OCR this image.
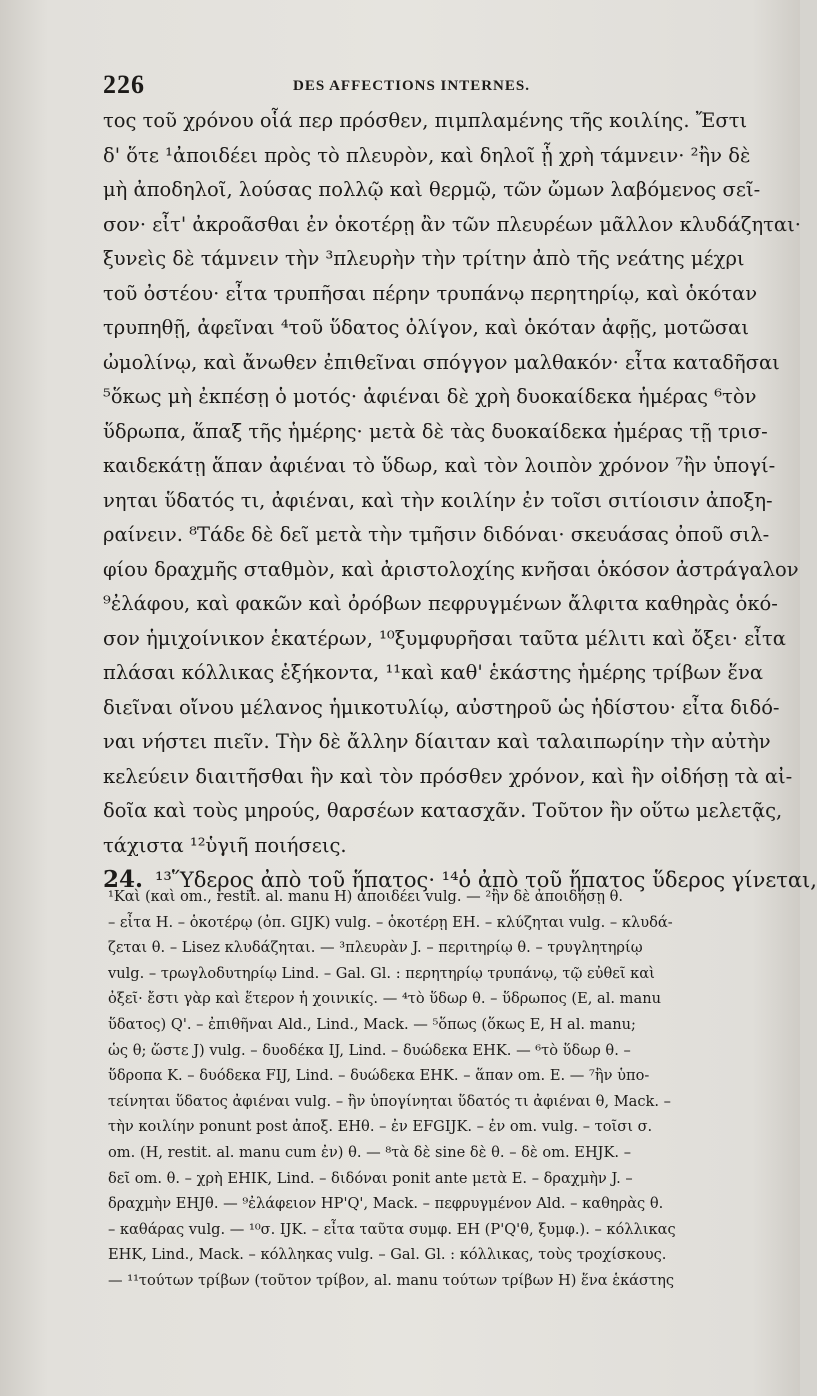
226	DES AFFECTIONS INTERNES.
τος τοῦ χρόνου οἷά περ πρόσθεν, πιμπλαμένης τῆς κοιλίης. Ἔστι
δ' ὅτε ¹ἀποιδέει πρὸς τὸ πλευρὸν, καὶ δηλοῖ ᾗ χρὴ τάμνειν· ²ἢν δὲ
μὴ ἀποδηλοῖ, λούσας πολλῷ καὶ θερμῷ, τῶν ὤμων λαβόμενος σεῖ-
σον· εἶτ' ἀκροᾶσθαι ἐν ὁκοτέρῃ ἂν τῶν πλευρέων μᾶλλον κλυδάζηται·
ξυνεὶς δὲ τάμνειν τὴν ³πλευρὴν τὴν τρίτην ἀπὸ τῆς νεάτης μέχρι
τοῦ ὀστέου· εἶτα τρυπῆσαι πέρην τρυπάνῳ περητηρίῳ, καὶ ὁκόταν
τρυπηθῇ, ἀφεῖναι ⁴τοῦ ὕδατος ὀλίγον, καὶ ὁκόταν ἀφῇς, μοτῶσαι
ὠμολίνῳ, καὶ ἄνωθεν ἐπιθεῖναι σπόγγον μαλθακόν· εἶτα καταδῆσαι
⁵ὅκως μὴ ἐκπέσῃ ὁ μοτός· ἀφιέναι δὲ χρὴ δυοκαίδεκα ἡμέρας ⁶τὸν
ὕδρωπα, ἅπαξ τῆς ἡμέρης· μετὰ δὲ τὰς δυοκαίδεκα ἡμέρας τῇ τρισ-
καιδεκάτῃ ἅπαν ἀφιέναι τὸ ὕδωρ, καὶ τὸν λοιπὸν χρόνον ⁷ἢν ὑπογί-
νηται ὕδατός τι, ἀφιέναι, καὶ τὴν κοιλίην ἐν τοῖσι σιτίοισιν ἀποξη-
ραίνειν. ⁸Τάδε δὲ δεῖ μετὰ τὴν τμῆσιν διδόναι· σκευάσας ὀποῦ σιλ-
φίου δραχμῆς σταθμὸν, καὶ ἀριστολοχίης κνῆσαι ὁκόσον ἀστράγαλον
⁹ἐλάφου, καὶ φακῶν καὶ ὀρόβων πεφρυγμένων ἄλφιτα καθηρὰς ὁκό-
σον ἡμιχοίνικον ἑκατέρων, ¹⁰ξυμφυρῆσαι ταῦτα μέλιτι καὶ ὄξει· εἶτα
πλάσαι κόλλικας ἑξήκοντα, ¹¹καὶ καθ' ἑκάστης ἡμέρης τρίβων ἕνα
διεῖναι οἴνου μέλανος ἡμικοτυλίῳ, αὐστηροῦ ὡς ἡδίστου· εἶτα διδό-
ναι νήστει πιεῖν. Τὴν δὲ ἄλλην δίαιταν καὶ ταλαιπωρίην τὴν αὐτὴν
κελεύειν διαιτῆσθαι ἣν καὶ τὸν πρόσθεν χρόνον, καὶ ἢν οἰδήσῃ τὰ αἰ-
δοῖα καὶ τοὺς μηρούς, θαρσέων κατασχᾶν. Τοῦτον ἢν οὕτω μελετᾷς,
τάχιστα ¹²ὑγιῆ ποιήσεις.
24. ¹³Ὕδερος ἀπὸ τοῦ ἥπατος· ¹⁴ὁ ἀπὸ τοῦ ἥπατος ὕδερος γίνεται,
¹Καὶ (καὶ om., restit. al. manu H) ἀποιδέει vulg. — ²ἢν δὲ ἀποιδήσῃ θ.
– εἶτα H. – ὁκοτέρῳ (ὀπ. GIJK) vulg. – ὁκοτέρῃ EH. – κλύζηται vulg. – κλυδά-
ζεται θ. – Lisez κλυδάζηται. — ³πλευρὰν J. – περιτηρίῳ θ. – τρυγλητηρίῳ
vulg. – τρωγλοδυτηρίῳ Lind. – Gal. Gl. : περητηρίῳ τρυπάνῳ, τῷ εὐθεῖ καὶ
ὀξεῖ· ἔστι γὰρ καὶ ἕτερον ἡ χοινικίς. — ⁴τὸ ὕδωρ θ. – ὕδρωπος (E, al. manu
ὕδατος) Q'. – ἐπιθῆναι Ald., Lind., Mack. — ⁵ὅπως (ὅκως E, H al. manu;
ὡς θ; ὥστε J) vulg. – δυοδέκα IJ, Lind. – δυώδεκα EHK. — ⁶τὸ ὕδωρ θ. –
ὕδροπα K. – δυόδεκα FIJ, Lind. – δυώδεκα EHK. – ἅπαν om. E. — ⁷ἢν ὑπο-
τείνηται ὕδατος ἀφιέναι vulg. – ἢν ὑπογίνηται ὕδατός τι ἀφιέναι θ, Mack. –
τὴν κοιλίην ponunt post ἀποξ. EHθ. – ἐν EFGIJK. – ἐν om. vulg. – τοῖσι σ.
om. (H, restit. al. manu cum ἐν) θ. — ⁸τὰ δὲ sine δὲ θ. – δὲ om. EHJK. –
δεῖ om. θ. – χρὴ EHIK, Lind. – διδόναι ponit ante μετὰ E. – δραχμὴν J. –
δραχμὴν EHJθ. — ⁹ἐλάφειον HP'Q', Mack. – πεφρυγμένον Ald. – καθηρὰς θ.
– καθάρας vulg. — ¹⁰σ. IJK. – εἶτα ταῦτα συμφ. EH (P'Q'θ, ξυμφ.). – κόλλικας
EHK, Lind., Mack. – κόλληκας vulg. – Gal. Gl. : κόλλικας, τοὺς τροχίσκους.
— ¹¹τούτων τρίβων (τοῦτον τρίβον, al. manu τούτων τρίβων H) ἕνα ἑκάστης
